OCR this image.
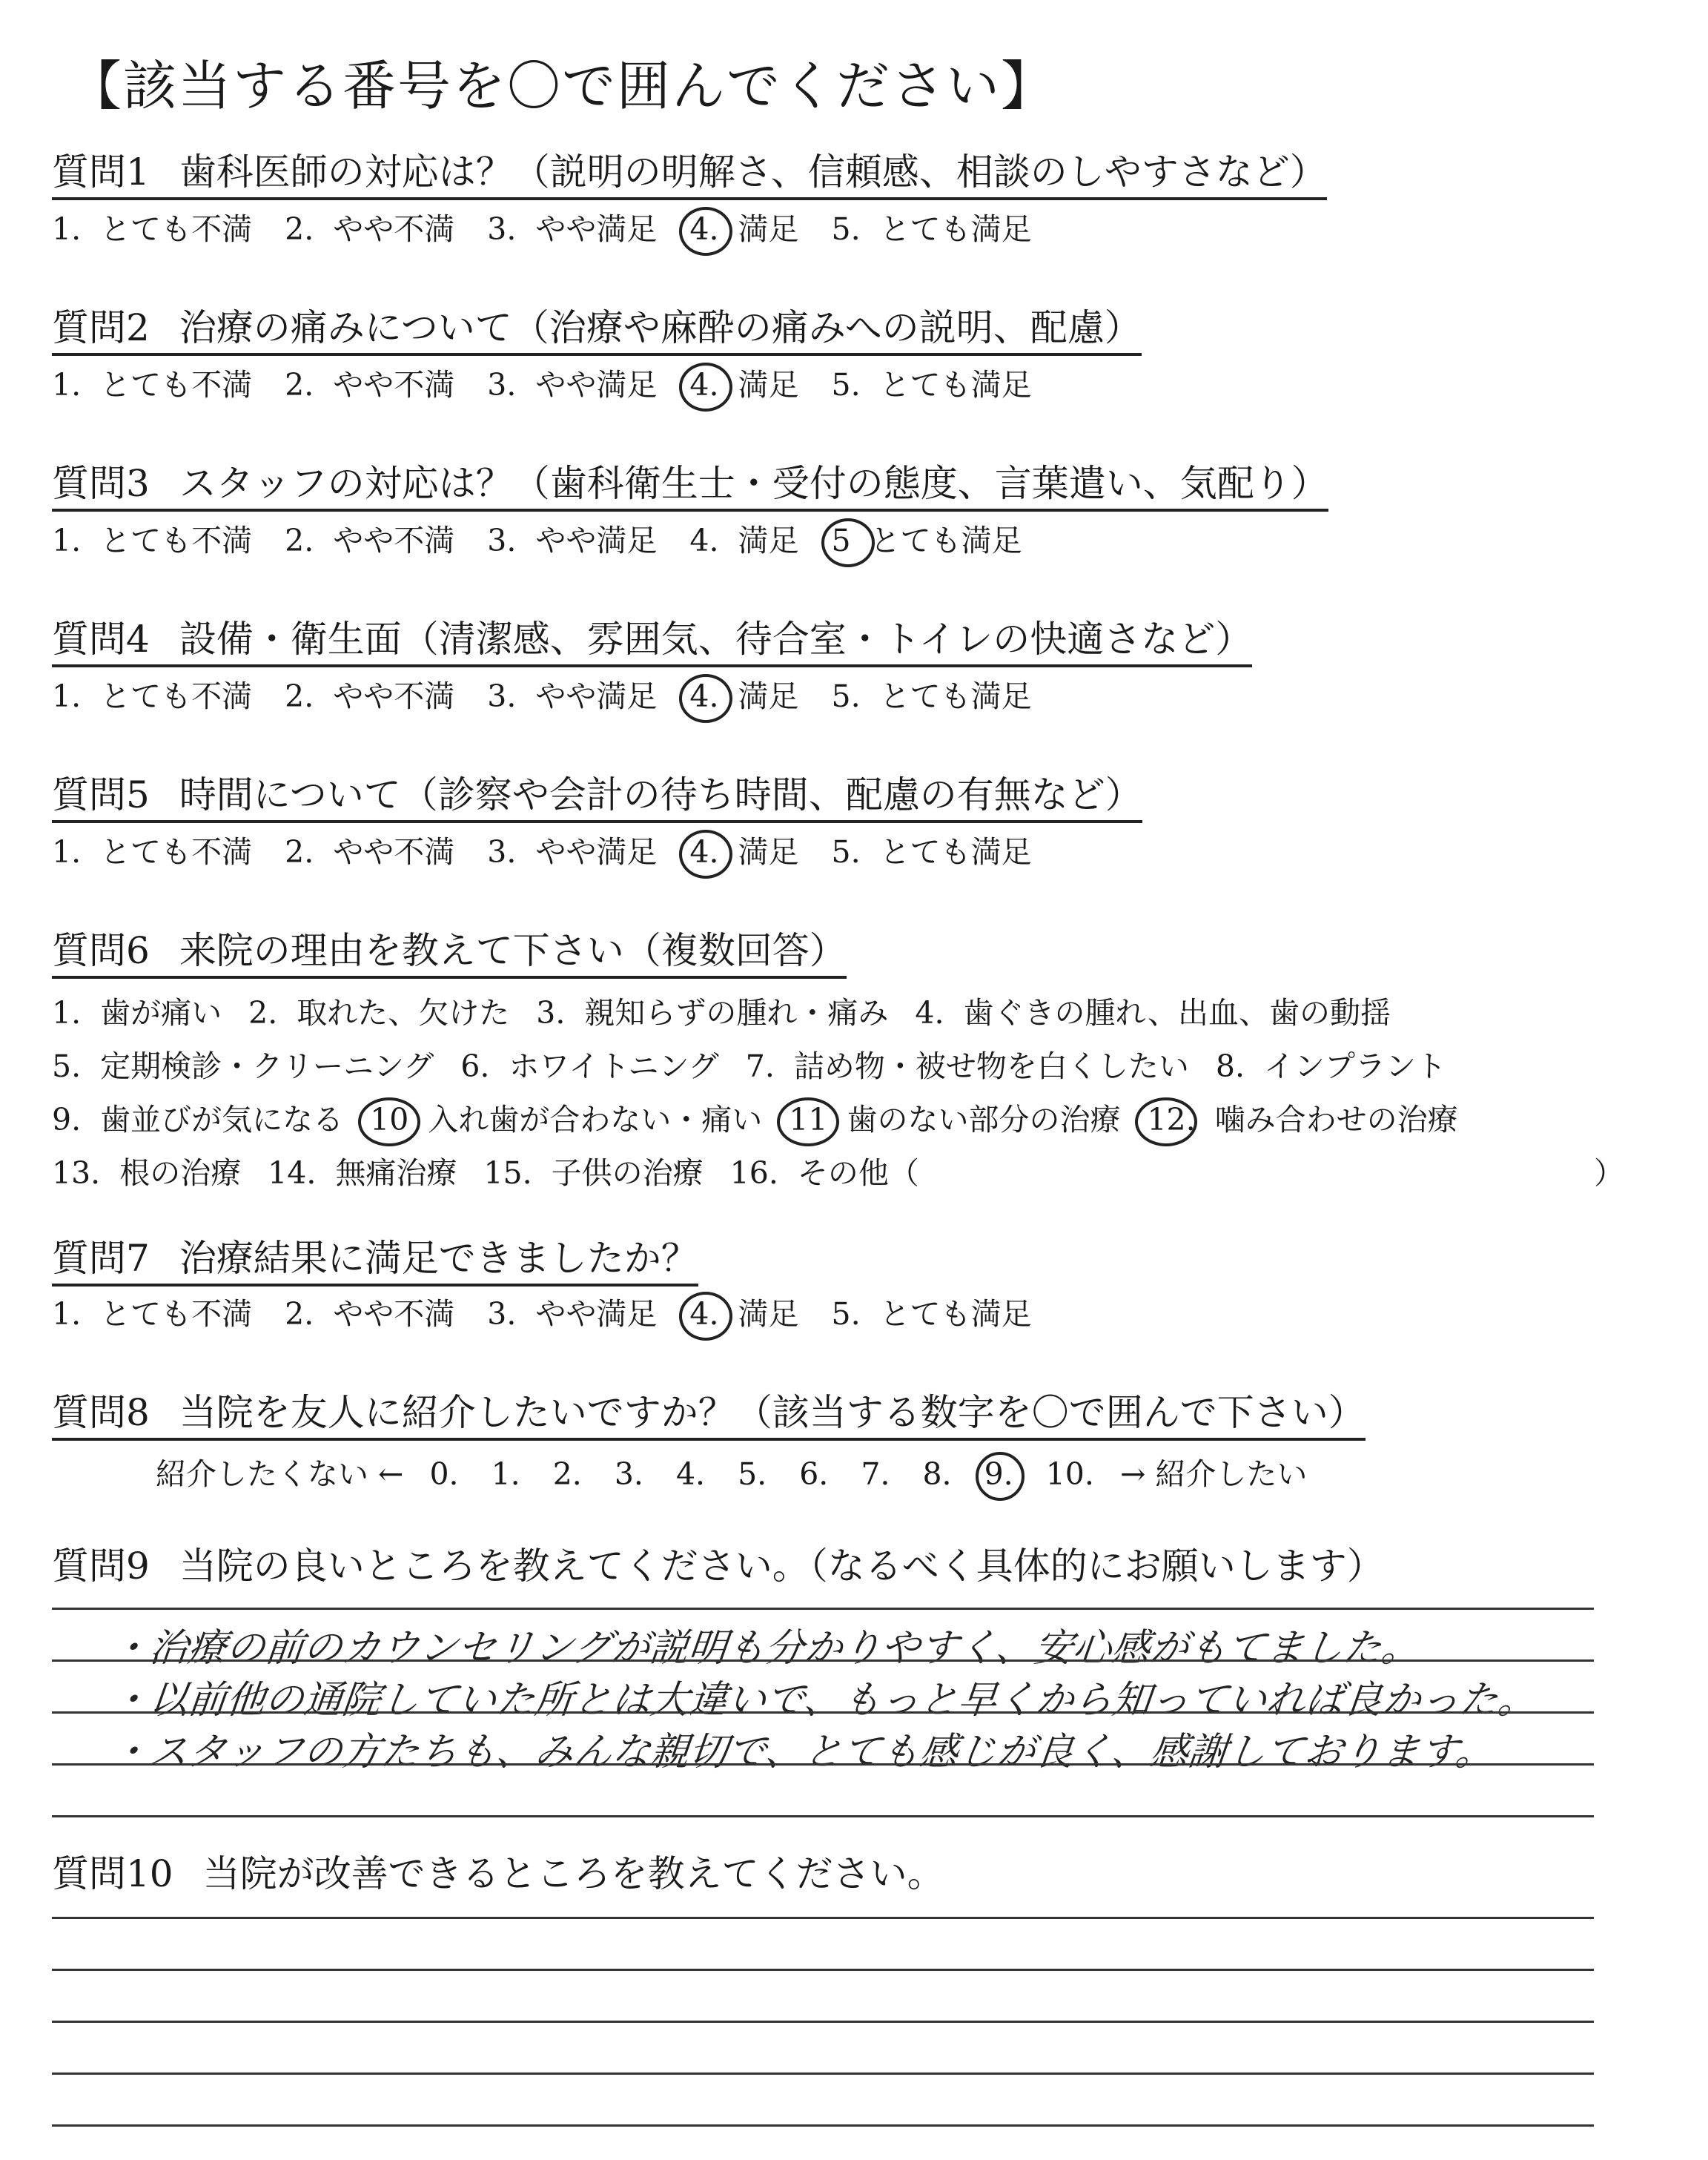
【該当する番号を〇で囲んでください】
質問1 歯科医師の対応は？（説明の明解さ、信頼感、相談のしやすさなど）
1. とても不満 2. やや不満 3. やや満足 4. 満足 5. とても満足
質問2 治療の痛みについて（治療や麻酔の痛みへの説明、配慮）
1. とても不満 2. やや不満 3. やや満足 4. 満足 5. とても満足
質問3 スタッフの対応は？（歯科衛生士・受付の態度、言葉遣い、気配り）
1. とても不満 2. やや不満 3. やや満足 4. 満足 5 とても満足
質問4 設備・衛生面（清潔感、雰囲気、待合室・トイレの快適さなど）
1. とても不満 2. やや不満 3. やや満足 4. 満足 5. とても満足
質問5 時間について（診察や会計の待ち時間、配慮の有無など）
1. とても不満 2. やや不満 3. やや満足 4. 満足 5. とても満足
質問6 来院の理由を教えて下さい（複数回答）
1. 歯が痛い 2. 取れた、欠けた 3. 親知らずの腫れ・痛み 4. 歯ぐきの腫れ、出血、歯の動揺
5. 定期検診・クリーニング 6. ホワイトニング 7. 詰め物・被せ物を白くしたい 8. インプラント
9. 歯並びが気になる 10 入れ歯が合わない・痛い 11 歯のない部分の治療 12. 噛み合わせの治療
13. 根の治療 14. 無痛治療 15. 子供の治療 16. その他（	）
質問7 治療結果に満足できましたか？
1. とても不満 2. やや不満 3. やや満足 4. 満足 5. とても満足
質問8 当院を友人に紹介したいですか？（該当する数字を〇で囲んで下さい）
紹介したくない ← 0. 1. 2. 3. 4. 5. 6. 7. 8. 9. 10. → 紹介したい
質問9 当院の良いところを教えてください。（なるべく具体的にお願いします）
・治療の前のカウンセリングが説明も分かりやすく、安心感がもてました。
・以前他の通院していた所とは大違いで、もっと早くから知っていれば良かった。
・スタッフの方たちも、みんな親切で、とても感じが良く、感謝しております。
質問10 当院が改善できるところを教えてください。
